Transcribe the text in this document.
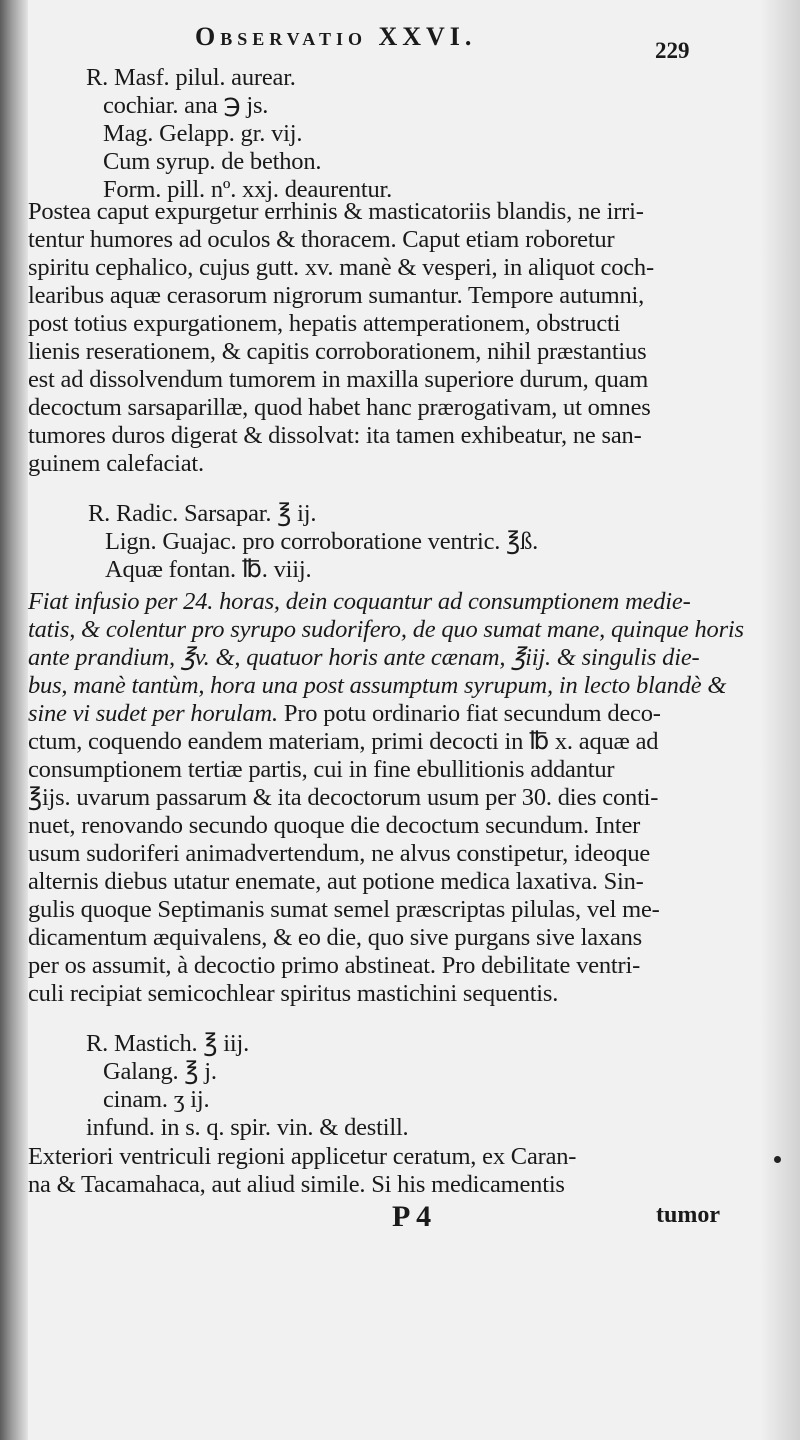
Observatio XXVI.	229
R. Masf. pilul. aurear.
cochiar. ana ℈ js.
Mag. Gelapp. gr. vij.
Cum syrup. de bethon.
Form. pill. nº. xxj. deaurentur.
Postea caput expurgetur errhinis & masticatoriis blandis, ne irri-
tentur humores ad oculos & thoracem. Caput etiam roboretur
spiritu cephalico, cujus gutt. xv. manè & vesperi, in aliquot coch-
learibus aquæ cerasorum nigrorum sumantur. Tempore autumni,
post totius expurgationem, hepatis attemperationem, obstructi
lienis reserationem, & capitis corroborationem, nihil præstantius
est ad dissolvendum tumorem in maxilla superiore durum, quam
decoctum sarsaparillæ, quod habet hanc prærogativam, ut omnes
tumores duros digerat & dissolvat: ita tamen exhibeatur, ne san-
guinem calefaciat.
R. Radic. Sarsapar. ℥ ij.
Lign. Guajac. pro corroboratione ventric. ℥ß.
Aquæ fontan. ℔. viij.
Fiat infusio per 24. horas, dein coquantur ad consumptionem medie-
tatis, & colentur pro syrupo sudorifero, de quo sumat mane, quinque horis
ante prandium, ℥v. &, quatuor horis ante cænam, ℥iij. & singulis die-
bus, manè tantùm, hora una post assumptum syrupum, in lecto blandè &
sine vi sudet per horulam. Pro potu ordinario fiat secundum deco-
ctum, coquendo eandem materiam, primi decocti in ℔ x. aquæ ad
consumptionem tertiæ partis, cui in fine ebullitionis addantur
℥ijs. uvarum passarum & ita decoctorum usum per 30. dies conti-
nuet, renovando secundo quoque die decoctum secundum. Inter
usum sudoriferi animadvertendum, ne alvus constipetur, ideoque
alternis diebus utatur enemate, aut potione medica laxativa. Sin-
gulis quoque Septimanis sumat semel præscriptas pilulas, vel me-
dicamentum æquivalens, & eo die, quo sive purgans sive laxans
per os assumit, à decoctio primo abstineat. Pro debilitate ventri-
culi recipiat semicochlear spiritus mastichini sequentis.
R. Mastich. ℥ iij.
Galang. ℥ j.
cinam. ʒ ij.
infund. in s. q. spir. vin. & destill.
Exteriori ventriculi regioni applicetur ceratum, ex Caran-
na & Tacamahaca, aut aliud simile. Si his medicamentis
P 4	tumor
